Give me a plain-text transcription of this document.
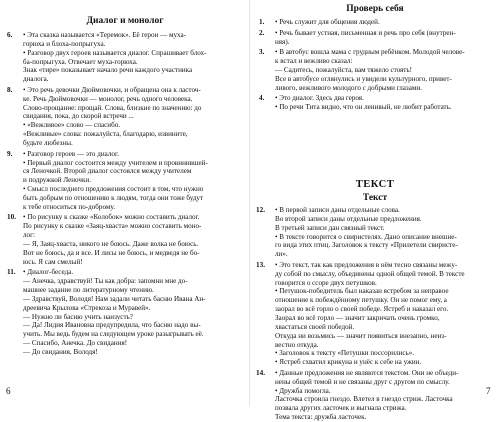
Диалог и монолог
6. • Эта сказка называется «Теремок». Её герои — муха-
горюха и блоха-попрыгуха.
• Разговор двух героев называется диалог. Спрашивает блох-
ба-попрыгуха. Отвечает муха-горюха.
Знак «тире» показывает начало речи каждого участника
диалога.
8. • Это речь девочки Дюймовочки, и обращена она к ласточ-
ке. Речь Дюймовочки — монолог, речь одного человека.
Слово-прощание: прощай. Слова, близкие по значению: до
свидания, пока, до скорой встречи ...
• «Вежливое» слово — спасибо.
«Вежливые» слова: пожалуйста, благодарю, извините,
будьте любезны.
9. • Разговор героев — это диалог.
• Первый диалог состоится между учителем и провинившей-
ся Леночкой. Второй диалог состоялся между учителем
и подружкой Леночки.
• Смысл последнего предложения состоит в том, что нужно
быть добрым по отношению к людям, тогда они тоже будут
к тебе относиться по-доброму.
10. • По рисунку к сказке «Колобок» можно составить диалог.
По рисунку к сказке «Заяц-хваста» можно составить моно-
лог:
— Я, Заяц-хваста, никого не боюсь. Даже волка не боюсь.
Вот не боюсь, да и все. И лисы не боюсь, и медведя не бо-
юсь. Я сам смелый!
11. • Диалог-беседа.
— Анечка, здравствуй! Ты как добра: запомни мне до-
машнее задание по литературному чтению.
— Здравствуй, Володя! Нам задали читать басню Ивана Ан-
дреевича Крылова «Стрекоза и Муравей».
— Нужно ли басню учить наизусть?
— Да! Лидия Ивановна предупредила, что басню надо вы-
учить. Мы ведь будем на следующем уроке разыгрывать её.
— Спасибо, Анечка. До свидания!
— До свидания, Володя!
6
Проверь себя
1. • Речь служит для общения людей.
2. • Речь бывает устная, письменная и речь про себя (внутрен-
няя).
3. • В автобус вошла мама с грудным ребёнком. Молодой челове-
к встал и вежливо сказал:
— Садитесь, пожалуйста, вам тяжело стоять!
Все в автобусе оглянулись и увидели культурного, привет-
ливого, вежливого молодого с добрыми глазами.
4. • Это диалог. Здесь два героя.
• По речи Тита видно, что он ленивый, не любит работать.
ТЕКСТ
Текст
12. • В первой записи даны отдельные слова.
Во второй записи даны отдельные предложения.
В третьей записи дан связный текст.
• В тексте говорится о свиристелях. Дано описание внешне-
го вида этих птиц. Заголовок к тексту «Прилетели свиристе-
ли».
13. • Это текст, так как предложения в нём тесно связаны межу-
ду собой по смыслу, объединены одной общей темой. В тексте
говорится о ссоре двух петушков.
• Петушок-победитель был наказан ястребом за неправое
отношение к побеждённому петушку. Он не помог ему, а
заорал во всё горло о своей победе. Ястреб и наказал его.
Заорал во всё горло — значит закричать очень громко,
хвастаться своей победой.
Откуда ни возьмись — значит появиться внезапно, неиз-
вестно откуда.
• Заголовок к тексту «Петушки поссорились».
• Ястреб схватил крикуна и унёс к себе на ужин.
14. • Данные предложения не являются текстом. Они не объеди-
нены общей темой и не связаны друг с другом по смыслу.
• Дружба помогла.
Ласточка строила гнездо. Влетел в гнездо стриж. Ласточка
позвала других ласточек и выгнала стрижа.
Тема текста: дружба ласточек.
7
